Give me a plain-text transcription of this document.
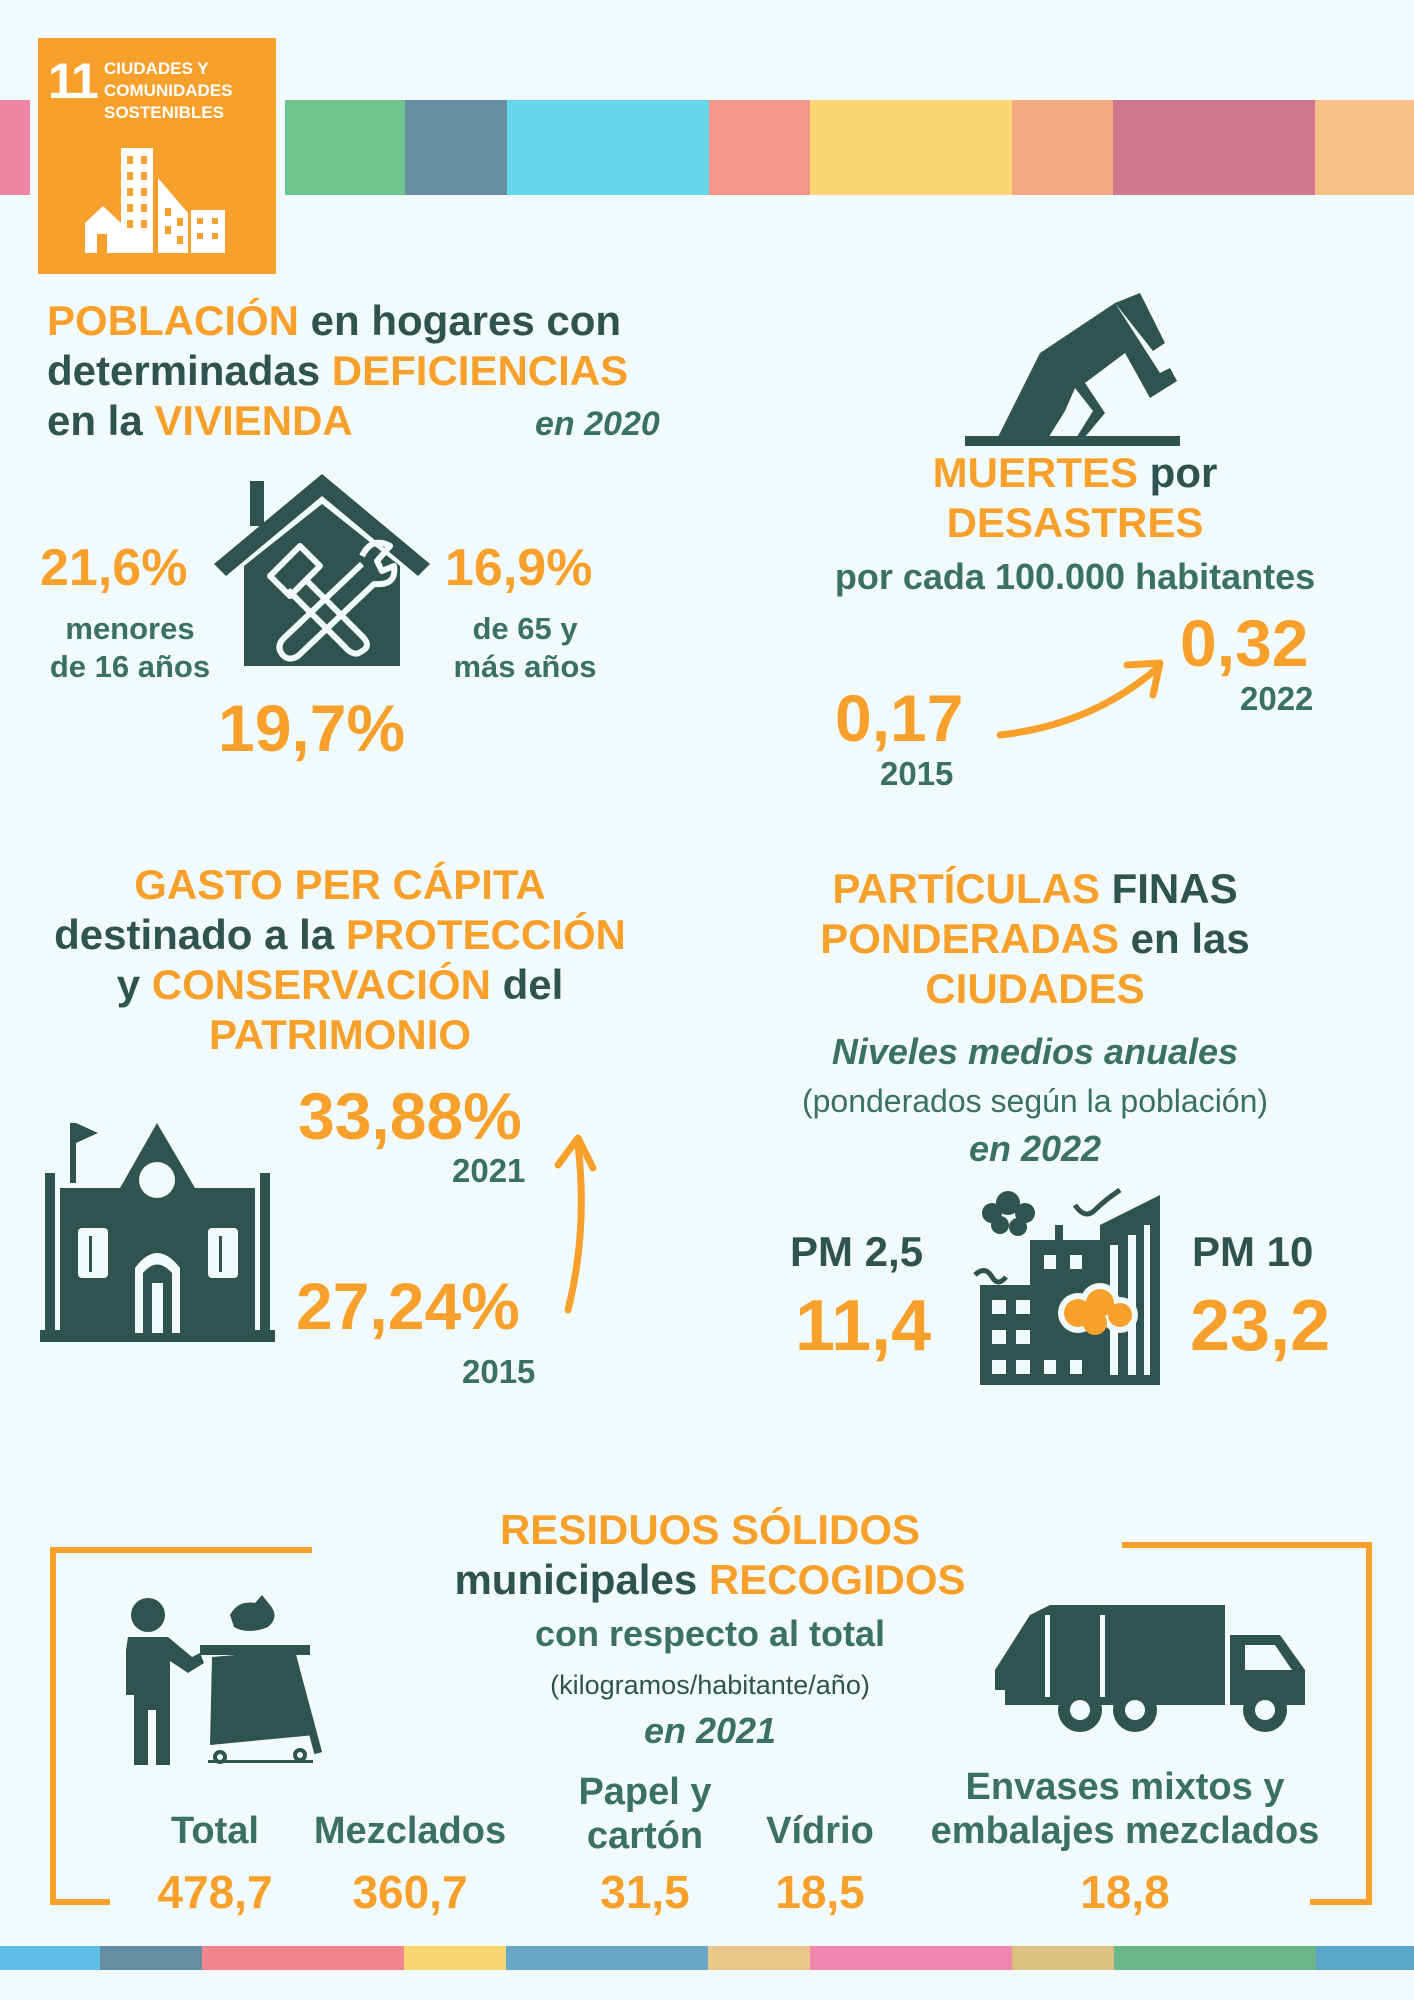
11 CIUDADES Y
COMUNIDADES
SOSTENIBLES
POBLACIÓN en hogares con
determinadas DEFICIENCIAS
en la VIVIENDA	en 2020
21,6%
menores
de 16 años
16,9%
de 65 y
más años
19,7%
MUERTES por
DESASTRES
por cada 100.000 habitantes
0,32
2022
0,17
2015
GASTO PER CÁPITA
destinado a la PROTECCIÓN
y CONSERVACIÓN del
PATRIMONIO
33,88%
2021
27,24%
2015
PARTÍCULAS FINAS
PONDERADAS en las
CIUDADES
Niveles medios anuales
(ponderados según la población)
en 2022
PM 2,5
11,4
PM 10
23,2
RESIDUOS SÓLIDOS
municipales RECOGIDOS
con respecto al total
(kilogramos/habitante/año)
en 2021
Total
478,7
Mezclados
360,7
Papel y
cartón
31,5
Vídrio
18,5
Envases mixtos y
embalajes mezclados
18,8
